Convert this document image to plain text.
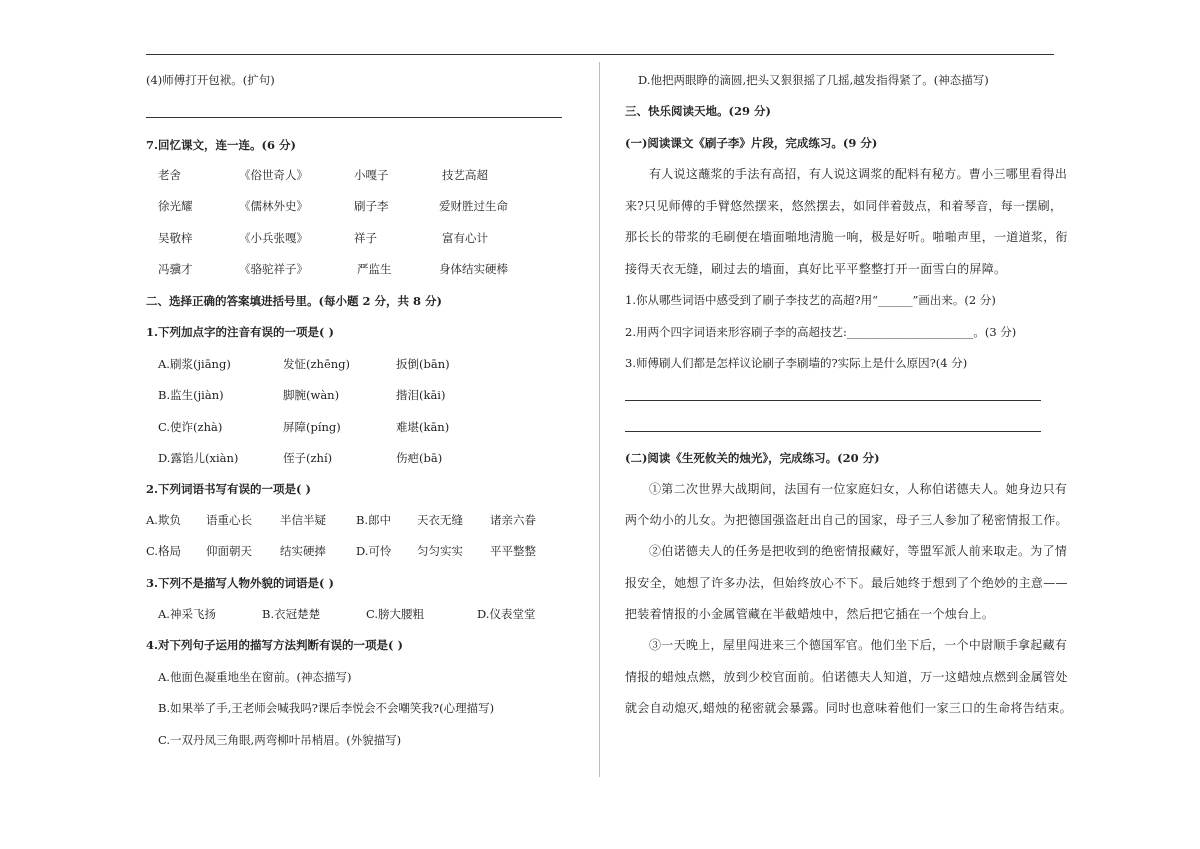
(4)师傅打开包袱。(扩句)
7.回忆课文，连一连。(6 分)
老舍	《俗世奇人》	小嘎子	技艺高超
徐光耀	《儒林外史》	刷子李	爱财胜过生命
吴敬梓	《小兵张嘎》	祥子	富有心计
冯骥才	《骆驼祥子》	严监生	身体结实硬棒
二、选择正确的答案填进括号里。(每小题 2 分，共 8 分)
1.下列加点字的注音有误的一项是( )
A.刷浆(jiāng)	发怔(zhēng)	扳倒(bān)
B.监生(jiàn)	脚腕(wàn)	揩泪(kāi)
C.使诈(zhà)	屏障(píng)	难堪(kān)
D.露馅儿(xiàn)	侄子(zhí)	伤疤(bā)
2.下列词语书写有误的一项是( )
A.欺负 语重心长 半信半疑	B.郎中 天衣无缝 诸亲六眷
C.格局 仰面朝天 结实硬捧	D.可怜 匀匀实实 平平整整
3.下列不是描写人物外貌的词语是( )
A.神采飞扬	B.衣冠楚楚	C.膀大腰粗	D.仪表堂堂
4.对下列句子运用的描写方法判断有误的一项是( )
A.他面色凝重地坐在窗前。(神态描写)
B.如果举了手,王老师会喊我吗?课后李悦会不会嘲笑我?(心理描写)
C.一双丹凤三角眼,两弯柳叶吊梢眉。(外貌描写)
D.他把两眼睁的滴圆,把头又狠狠摇了几摇,越发指得紧了。(神态描写)
三、快乐阅读天地。(29 分)
(一)阅读课文《刷子李》片段，完成练习。(9 分)
有人说这蘸浆的手法有高招，有人说这调浆的配料有秘方。曹小三哪里看得出
来?只见师傅的手臂悠然摆来，悠然摆去，如同伴着鼓点，和着琴音，每一摆刷，
那长长的带浆的毛刷便在墙面啪地清脆一响，极是好听。啪啪声里，一道道浆，衔
接得天衣无缝，刷过去的墙面，真好比平平整整打开一面雪白的屏障。
1.你从哪些词语中感受到了刷子李技艺的高超?用“______”画出来。(2 分)
2.用两个四字词语来形容刷子李的高超技艺:______________________。(3 分)
3.师傅刷人们都是怎样议论刷子李刷墙的?实际上是什么原因?(4 分)
(二)阅读《生死攸关的烛光》，完成练习。(20 分)
①第二次世界大战期间，法国有一位家庭妇女，人称伯诺德夫人。她身边只有
两个幼小的儿女。为把德国强盗赶出自己的国家，母子三人参加了秘密情报工作。
②伯诺德夫人的任务是把收到的绝密情报藏好，等盟军派人前来取走。为了情
报安全，她想了许多办法，但始终放心不下。最后她终于想到了个绝妙的主意——
把装着情报的小金属管藏在半截蜡烛中，然后把它插在一个烛台上。
③一天晚上，屋里闯进来三个德国军官。他们坐下后，一个中尉顺手拿起藏有
情报的蜡烛点燃，放到少校官面前。伯诺德夫人知道，万一这蜡烛点燃到金属管处
就会自动熄灭,蜡烛的秘密就会暴露。同时也意味着他们一家三口的生命将告结束。
